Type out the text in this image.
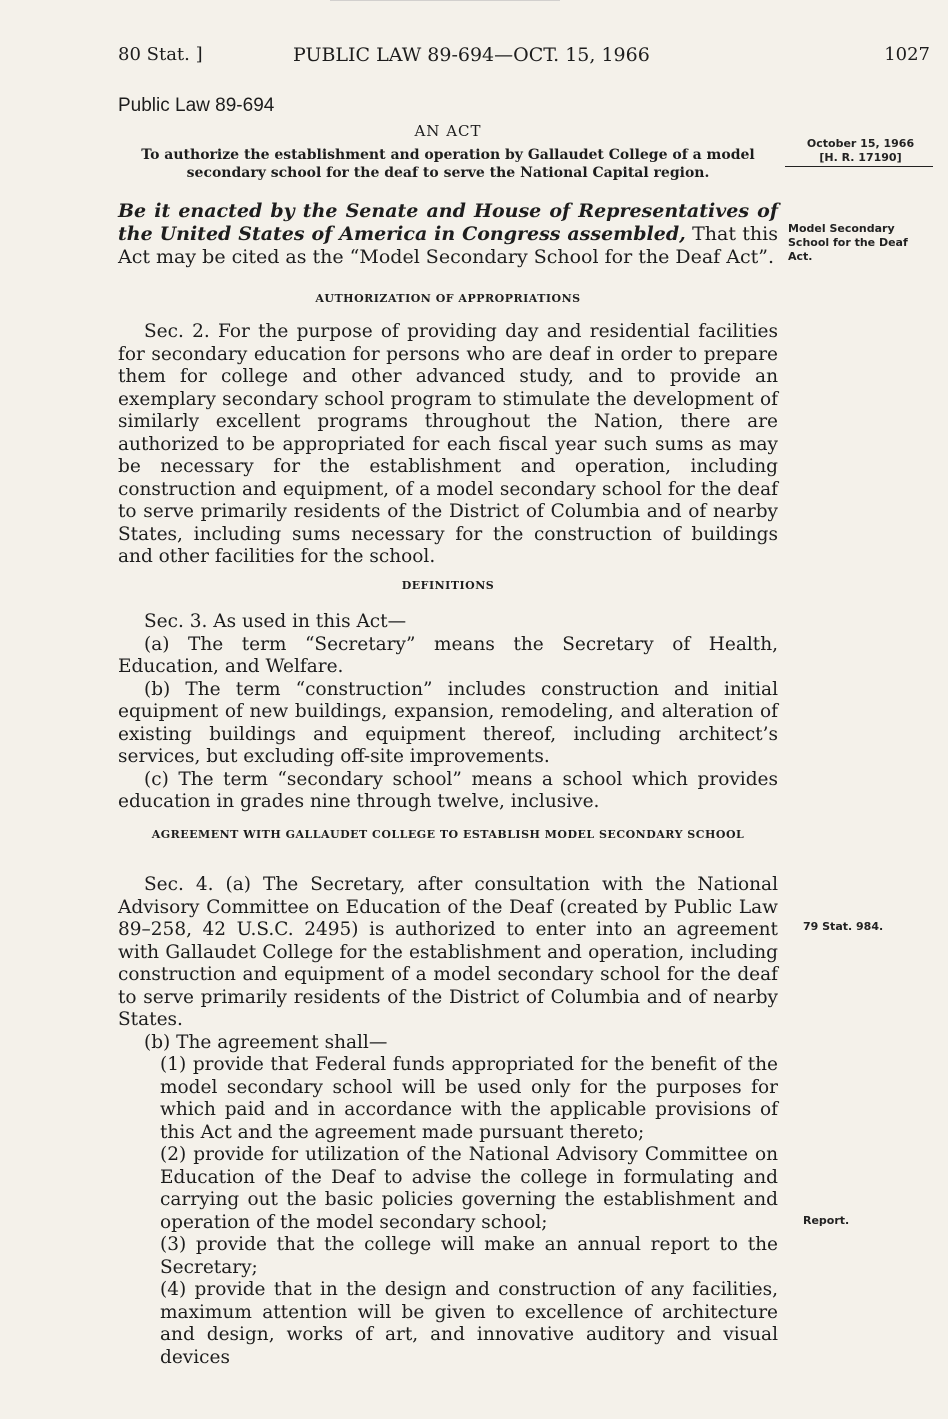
80 Stat. ]	PUBLIC LAW 89-694—OCT. 15, 1966	1027
Public Law 89-694
AN ACT
To authorize the establishment and operation by Gallaudet College of a model secondary school for the deaf to serve the National Capital region.
October 15, 1966
[H. R. 17190]
Model Secondary School for the Deaf Act.
79 Stat. 984.
Report.
Be it enacted by the Senate and House of Representatives of the United States of America in Congress assembled, That this Act may be cited as the “Model Secondary School for the Deaf Act”.
AUTHORIZATION OF APPROPRIATIONS

Sec. 2. For the purpose of providing day and residential facilities for secondary education for persons who are deaf in order to prepare them for college and other advanced study, and to provide an exemplary secondary school program to stimulate the development of similarly excellent programs throughout the Nation, there are authorized to be appropriated for each fiscal year such sums as may be necessary for the establishment and operation, including construction and equipment, of a model secondary school for the deaf to serve primarily residents of the District of Columbia and of nearby States, including sums necessary for the construction of buildings and other facilities for the school.

DEFINITIONS

Sec. 3. As used in this Act—

(a) The term “Secretary” means the Secretary of Health, Education, and Welfare.

(b) The term “construction” includes construction and initial equipment of new buildings, expansion, remodeling, and alteration of existing buildings and equipment thereof, including architect’s services, but excluding off-site improvements.

(c) The term “secondary school” means a school which provides education in grades nine through twelve, inclusive.

AGREEMENT WITH GALLAUDET COLLEGE TO ESTABLISH MODEL SECONDARY SCHOOL

Sec. 4. (a) The Secretary, after consultation with the National Advisory Committee on Education of the Deaf (created by Public Law 89–258, 42 U.S.C. 2495) is authorized to enter into an agreement with Gallaudet College for the establishment and operation, including construction and equipment of a model secondary school for the deaf to serve primarily residents of the District of Columbia and of nearby States.

(b) The agreement shall—

(1) provide that Federal funds appropriated for the benefit of the model secondary school will be used only for the purposes for which paid and in accordance with the applicable provisions of this Act and the agreement made pursuant thereto;

(2) provide for utilization of the National Advisory Committee on Education of the Deaf to advise the college in formulating and carrying out the basic policies governing the establishment and operation of the model secondary school;

(3) provide that the college will make an annual report to the Secretary;

(4) provide that in the design and construction of any facilities, maximum attention will be given to excellence of architecture and design, works of art, and innovative auditory and visual devices
